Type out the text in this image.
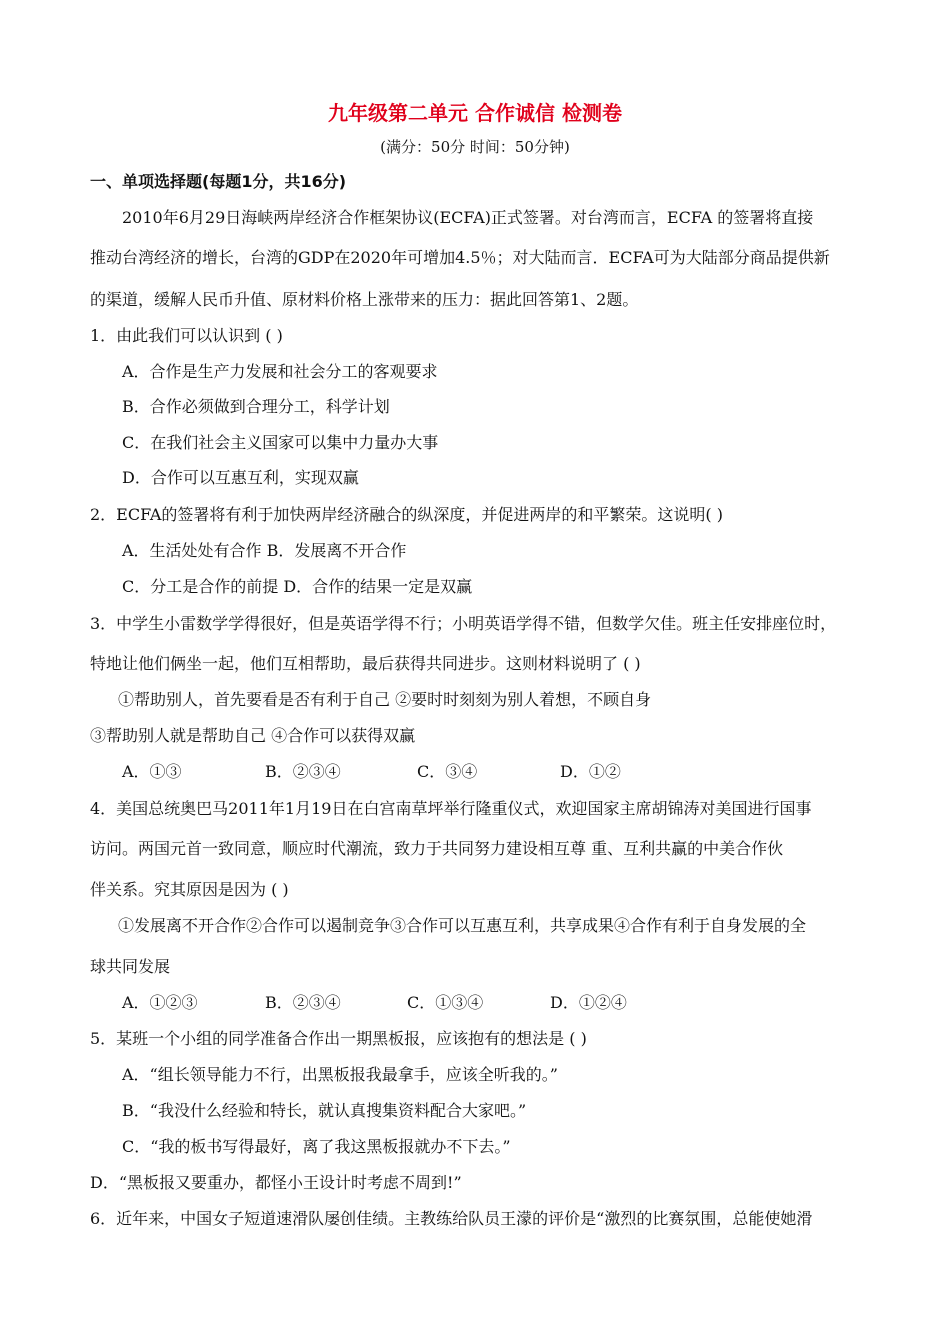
九年级第二单元 合作诚信 检测卷
(满分：50分 时间：50分钟)
一、单项选择题(每题1分，共16分)
2010年6月29日海峡两岸经济合作框架协议(ECFA)正式签署。对台湾而言，ECFA 的签署将直接
推动台湾经济的增长，台湾的GDP在2020年可增加4.5％；对大陆而言．ECFA可为大陆部分商品提供新
的渠道，缓解人民币升值、原材料价格上涨带来的压力：据此回答第1、2题。
1．由此我们可以认识到 ( )
A．合作是生产力发展和社会分工的客观要求
B．合作必须做到合理分工，科学计划
C．在我们社会主义国家可以集中力量办大事
D．合作可以互惠互利，实现双赢
2．ECFA的签署将有利于加快两岸经济融合的纵深度，并促进两岸的和平繁荣。这说明( )
A．生活处处有合作 B．发展离不开合作
C．分工是合作的前提 D．合作的结果一定是双赢
3．中学生小雷数学学得很好，但是英语学得不行；小明英语学得不错，但数学欠佳。班主任安排座位时，
特地让他们俩坐一起，他们互相帮助，最后获得共同进步。这则材料说明了 ( )
①帮助别人，首先要看是否有利于自己 ②要时时刻刻为别人着想，不顾自身
③帮助别人就是帮助自己 ④合作可以获得双赢
A．①③	B．②③④	C．③④	D．①②
4．美国总统奥巴马2011年1月19日在白宫南草坪举行隆重仪式，欢迎国家主席胡锦涛对美国进行国事
访问。两国元首一致同意，顺应时代潮流，致力于共同努力建设相互尊 重、互利共赢的中美合作伙
伴关系。究其原因是因为 ( )
①发展离不开合作②合作可以遏制竞争③合作可以互惠互利，共享成果④合作有利于自身发展的全
球共同发展
A．①②③	B．②③④	C．①③④	D．①②④
5．某班一个小组的同学准备合作出一期黑板报，应该抱有的想法是 ( )
A．“组长领导能力不行，出黑板报我最拿手，应该全听我的。”
B．“我没什么经验和特长，就认真搜集资料配合大家吧。”
C．“我的板书写得最好，离了我这黑板报就办不下去。”
D．“黑板报又要重办，都怪小王设计时考虑不周到!”
6．近年来，中国女子短道速滑队屡创佳绩。主教练给队员王濛的评价是“激烈的比赛氛围，总能使她滑
